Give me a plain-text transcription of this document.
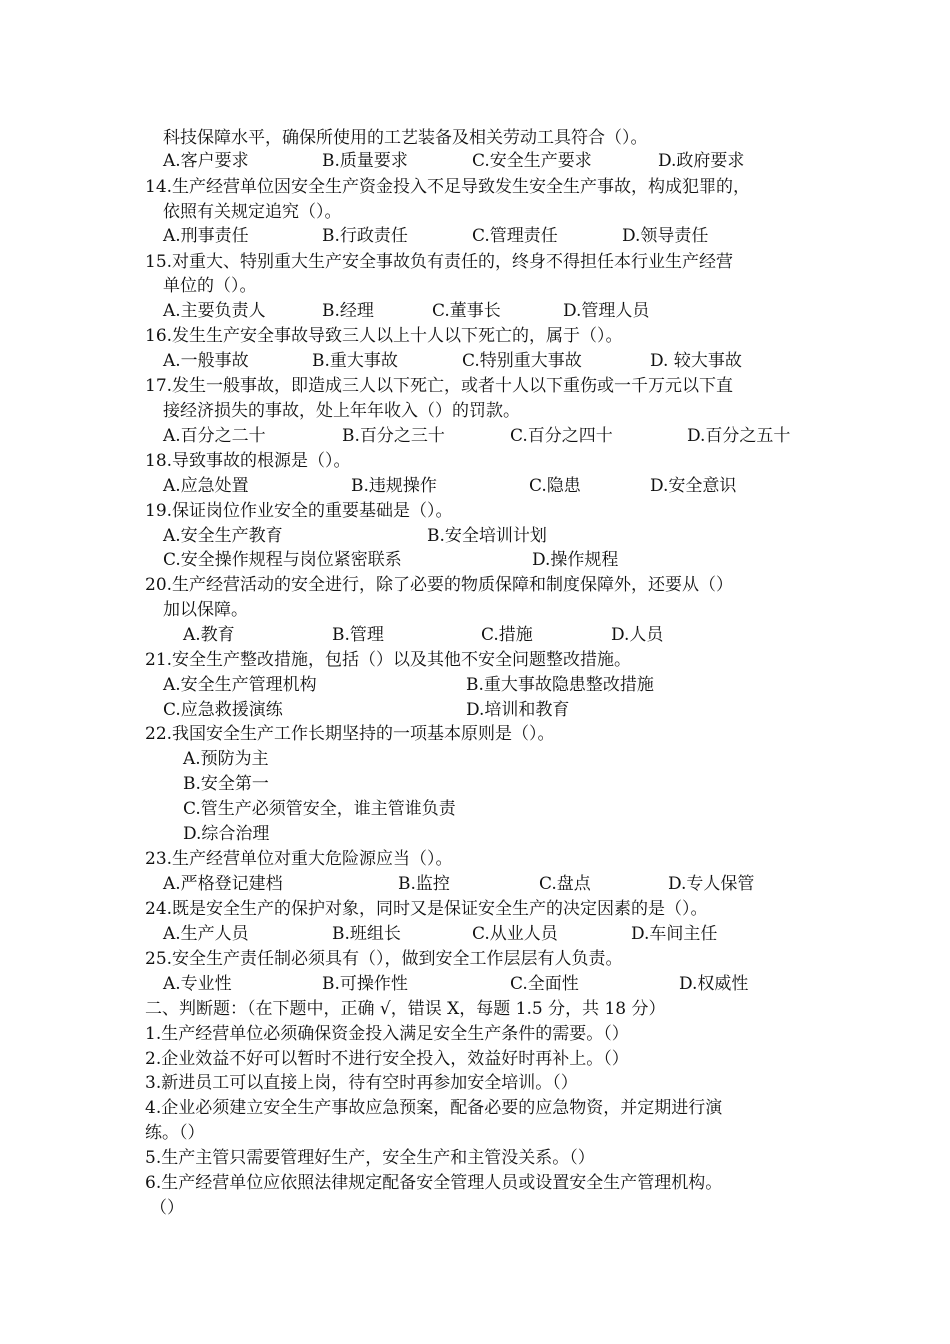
科技保障水平，确保所使用的工艺装备及相关劳动工具符合（）。
A.客户要求	B.质量要求	C.安全生产要求	D.政府要求
14.生产经营单位因安全生产资金投入不足导致发生安全生产事故，构成犯罪的，
依照有关规定追究（）。
A.刑事责任	B.行政责任	C.管理责任	D.领导责任
15.对重大、特别重大生产安全事故负有责任的，终身不得担任本行业生产经营
单位的（）。
A.主要负责人	B.经理	C.董事长	D.管理人员
16.发生生产安全事故导致三人以上十人以下死亡的，属于（）。
A.一般事故	B.重大事故	C.特别重大事故	D. 较大事故
17.发生一般事故，即造成三人以下死亡，或者十人以下重伤或一千万元以下直
接经济损失的事故，处上年年收入（）的罚款。
A.百分之二十	B.百分之三十	C.百分之四十	D.百分之五十
18.导致事故的根源是（）。
A.应急处置	B.违规操作	C.隐患	D.安全意识
19.保证岗位作业安全的重要基础是（）。
A.安全生产教育	B.安全培训计划
C.安全操作规程与岗位紧密联系	D.操作规程
20.生产经营活动的安全进行，除了必要的物质保障和制度保障外，还要从（）
加以保障。
A.教育	B.管理	C.措施	D.人员
21.安全生产整改措施，包括（）以及其他不安全问题整改措施。
A.安全生产管理机构	B.重大事故隐患整改措施
C.应急救援演练	D.培训和教育
22.我国安全生产工作长期坚持的一项基本原则是（）。
A.预防为主
B.安全第一
C.管生产必须管安全，谁主管谁负责
D.综合治理
23.生产经营单位对重大危险源应当（）。
A.严格登记建档	B.监控	C.盘点	D.专人保管
24.既是安全生产的保护对象，同时又是保证安全生产的决定因素的是（）。
A.生产人员	B.班组长	C.从业人员	D.车间主任
25.安全生产责任制必须具有（），做到安全工作层层有人负责。
A.专业性	B.可操作性	C.全面性	D.权威性
二、判断题：（在下题中，正确 √，错误 X，每题 1.5 分，共 18 分）
1.生产经营单位必须确保资金投入满足安全生产条件的需要。（）
2.企业效益不好可以暂时不进行安全投入，效益好时再补上。（）
3.新进员工可以直接上岗，待有空时再参加安全培训。（）
4.企业必须建立安全生产事故应急预案，配备必要的应急物资，并定期进行演
练。（）
5.生产主管只需要管理好生产，安全生产和主管没关系。（）
6.生产经营单位应依照法律规定配备安全管理人员或设置安全生产管理机构。
（）
